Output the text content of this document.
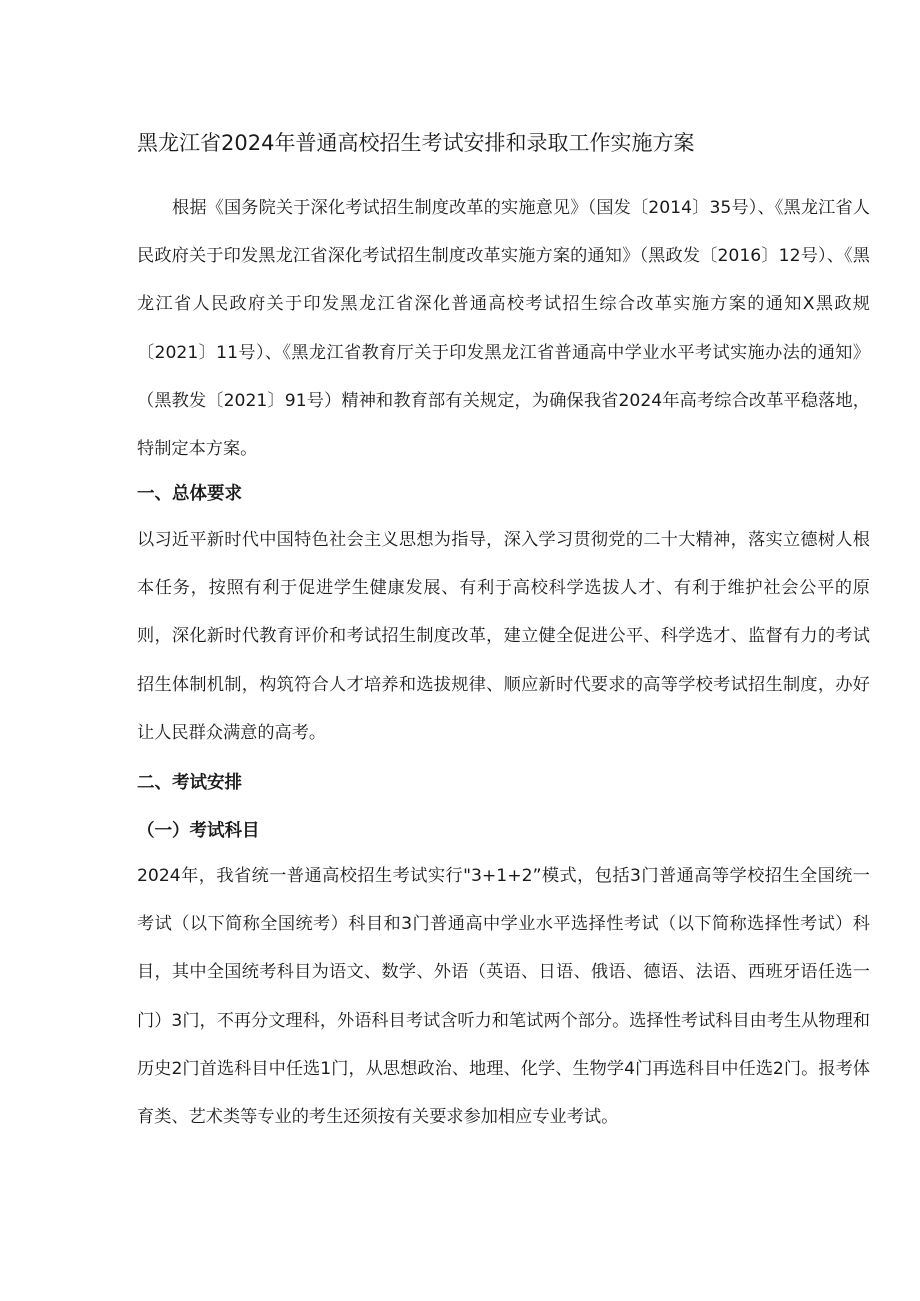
黑龙江省2024年普通高校招生考试安排和录取工作实施方案

根据《国务院关于深化考试招生制度改革的实施意见》（国发〔2014〕35号）、《黑龙江省人民政府关于印发黑龙江省深化考试招生制度改革实施方案的通知》（黑政发〔2016〕12号）、《黑龙江省人民政府关于印发黑龙江省深化普通高校考试招生综合改革实施方案的通知X黑政规〔2021〕11号）、《黑龙江省教育厅关于印发黑龙江省普通高中学业水平考试实施办法的通知》（黑教发〔2021〕91号）精神和教育部有关规定，为确保我省2024年高考综合改革平稳落地，特制定本方案。

一、总体要求

以习近平新时代中国特色社会主义思想为指导，深入学习贯彻党的二十大精神，落实立德树人根本任务，按照有利于促进学生健康发展、有利于高校科学选拔人才、有利于维护社会公平的原则，深化新时代教育评价和考试招生制度改革，建立健全促进公平、科学选才、监督有力的考试招生体制机制，构筑符合人才培养和选拔规律、顺应新时代要求的高等学校考试招生制度，办好让人民群众满意的高考。

二、考试安排
（一）考试科目

2024年，我省统一普通高校招生考试实行"3+1+2”模式，包括3门普通高等学校招生全国统一考试（以下简称全国统考）科目和3门普通高中学业水平选择性考试（以下简称选择性考试）科目，其中全国统考科目为语文、数学、外语（英语、日语、俄语、德语、法语、西班牙语任选一门）3门，不再分文理科，外语科目考试含听力和笔试两个部分。选择性考试科目由考生从物理和历史2门首选科目中任选1门，从思想政治、地理、化学、生物学4门再选科目中任选2门。报考体育类、艺术类等专业的考生还须按有关要求参加相应专业考试。
